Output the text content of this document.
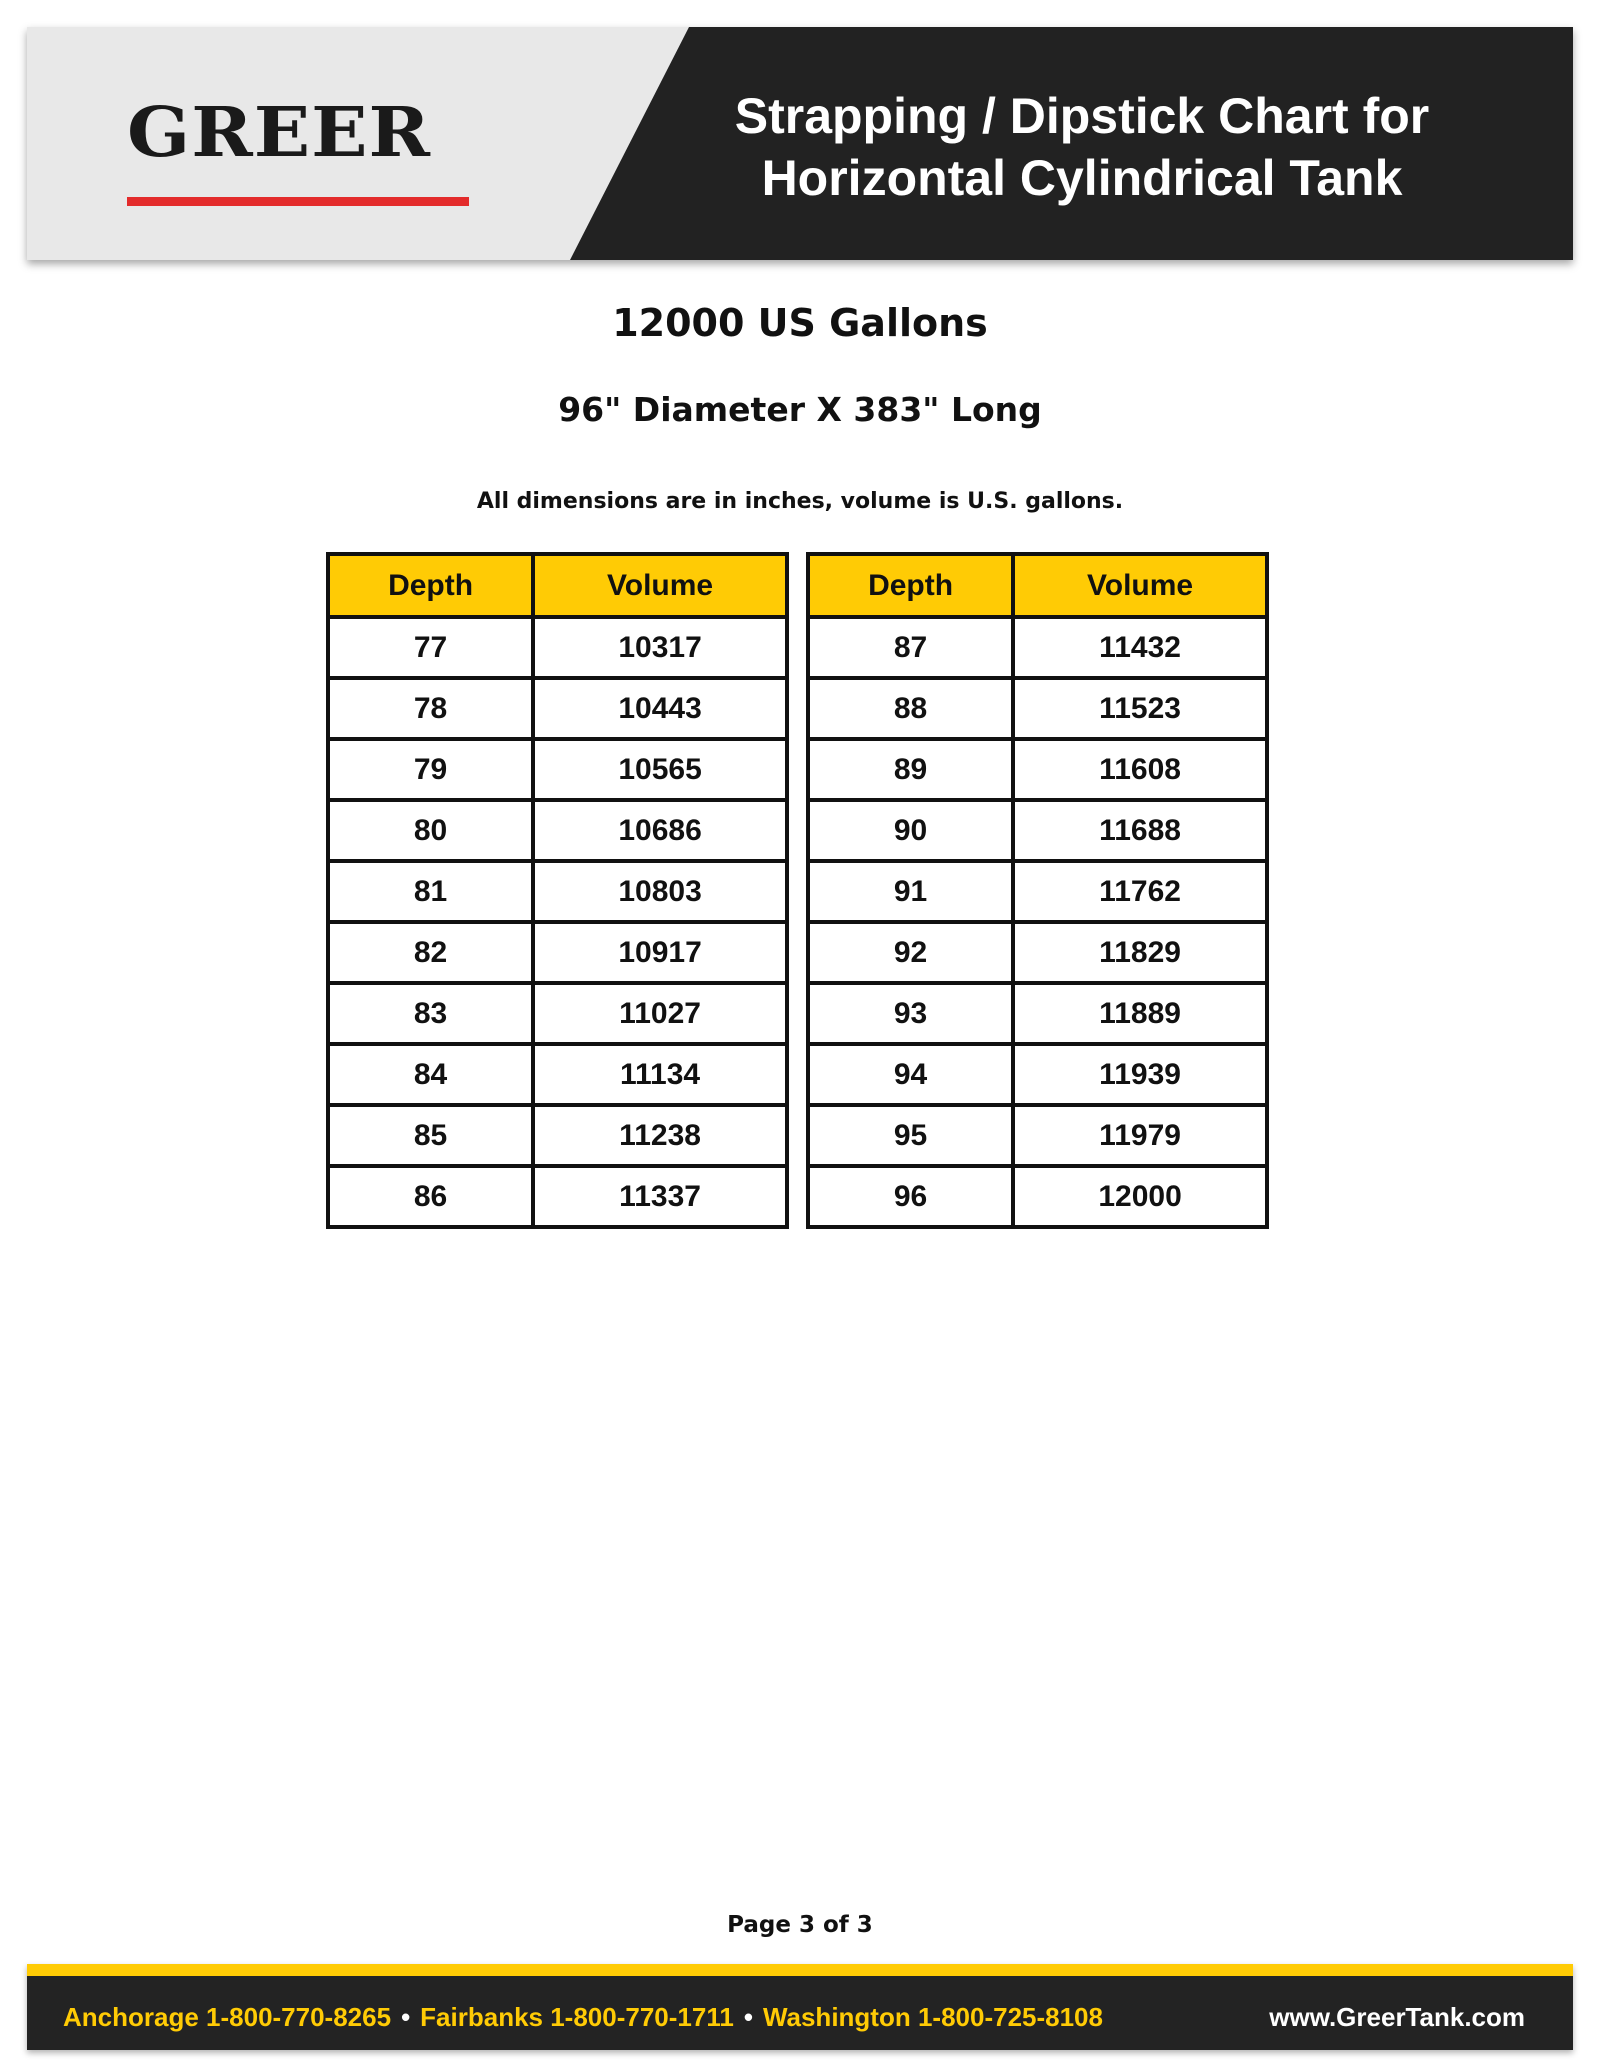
GREER	Strapping / Dipstick Chart for
Horizontal Cylindrical Tank
12000 US Gallons
96" Diameter X 383" Long
All dimensions are in inches, volume is U.S. gallons.
Depth	Volume
77	10317
78	10443
79	10565
80	10686
81	10803
82	10917
83	11027
84	11134
85	11238
86	11337
Depth	Volume
87	11432
88	11523
89	11608
90	11688
91	11762
92	11829
93	11889
94	11939
95	11979
96	12000
Page 3 of 3
Anchorage 1-800-770-8265 • Fairbanks 1-800-770-1711 • Washington 1-800-725-8108	www.GreerTank.com
